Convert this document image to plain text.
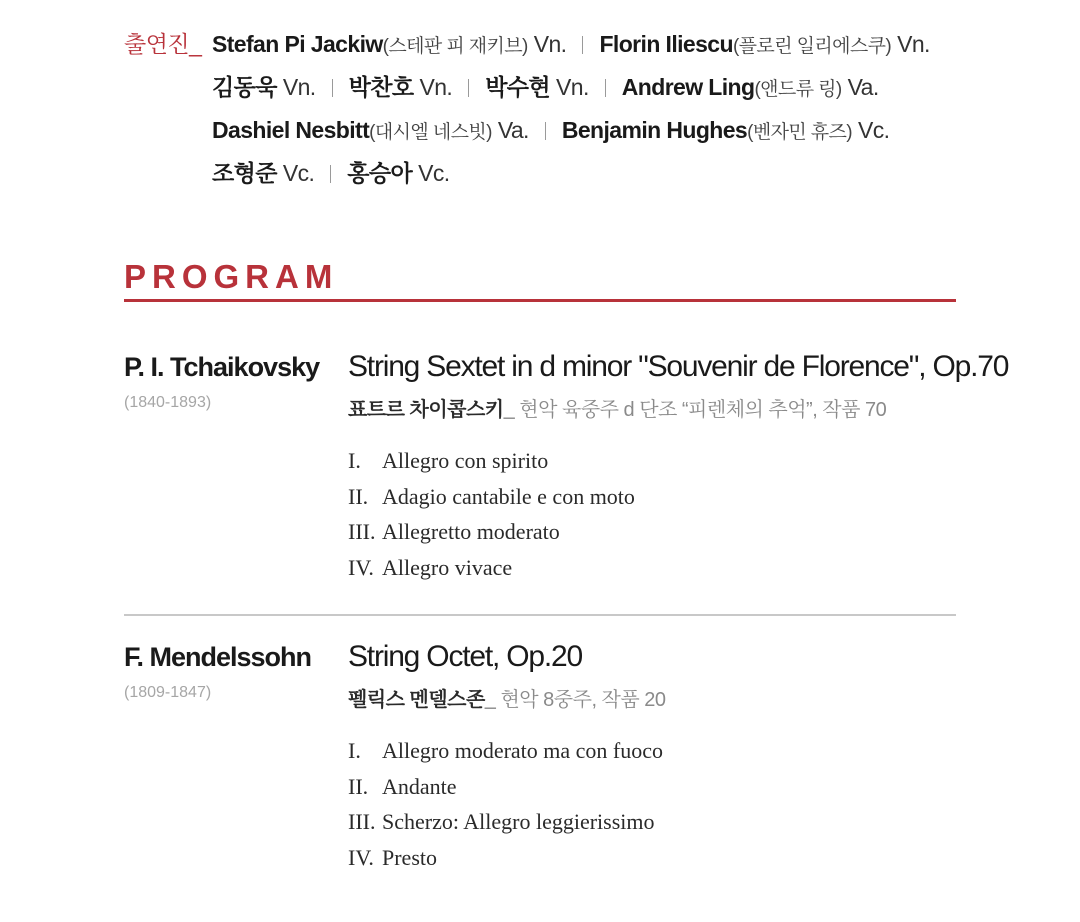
출연진_ Stefan Pi Jackiw(스테판 피 재키브) Vn. Florin Iliescu(플로린 일리에스쿠) Vn.
김동욱 Vn. 박찬호 Vn. 박수현 Vn. Andrew Ling(앤드류 링) Va.
Dashiel Nesbitt(대시엘 네스빗) Va. Benjamin Hughes(벤자민 휴즈) Vc.
조형준 Vc. 홍승아 Vc.
PROGRAM
P. I. Tchaikovsky
(1840-1893)
String Sextet in d minor "Souvenir de Florence", Op.70
표트르 차이콥스키_ 현악 육중주 d 단조 “피렌체의 추억”, 작품 70
I. Allegro con spirito
II. Adagio cantabile e con moto
III. Allegretto moderato
IV. Allegro vivace
F. Mendelssohn
(1809-1847)
String Octet, Op.20
펠릭스 멘델스존_ 현악 8중주, 작품 20
I. Allegro moderato ma con fuoco
II. Andante
III. Scherzo: Allegro leggierissimo
IV. Presto
